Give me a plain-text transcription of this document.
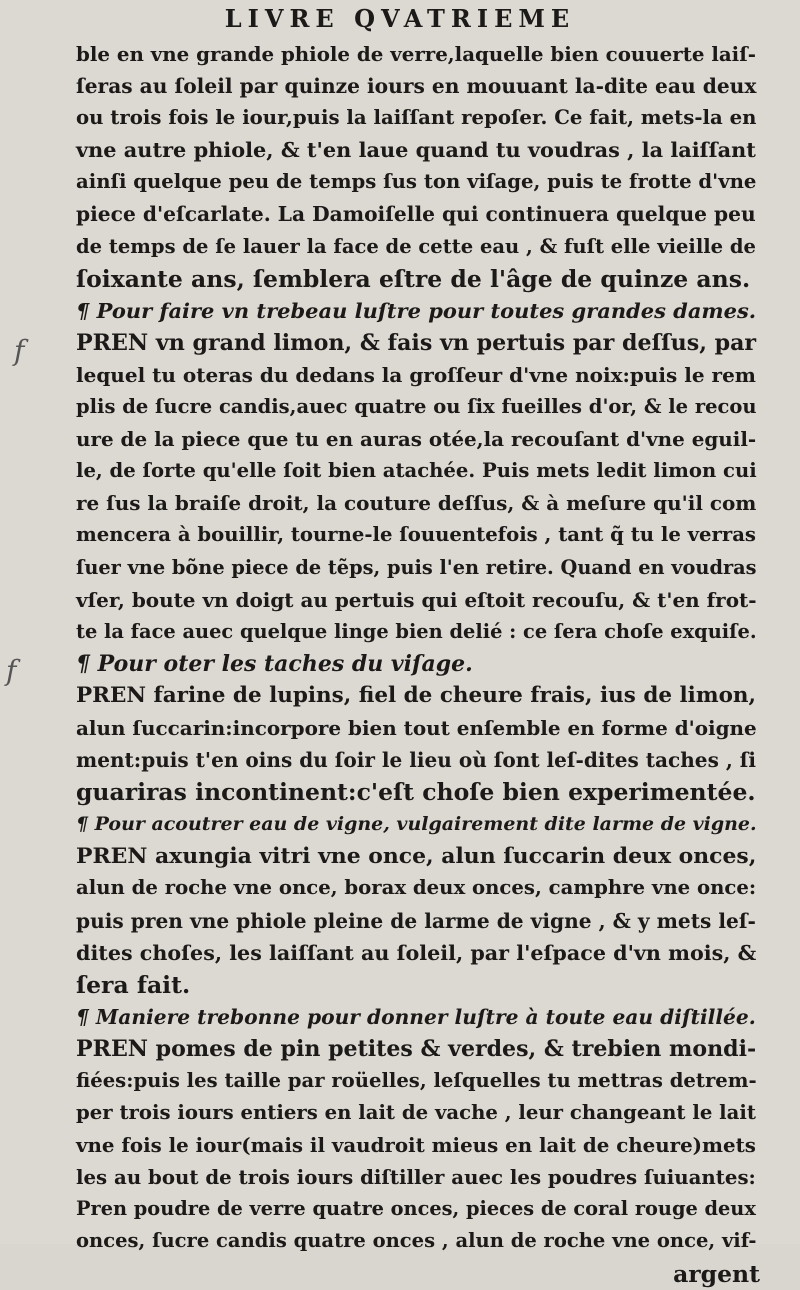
LIVRE QVATRIEME
f
f
ble en vne grande phiole de verre,laquelle bien couuerte laiſ-
ſeras au ſoleil par quinze iours en mouuant la-dite eau deux
ou trois fois le iour,puis la laiſſant repoſer. Ce fait, mets-la en
vne autre phiole, & t'en laue quand tu voudras , la laiſſant
ainſi quelque peu de temps ſus ton viſage, puis te frotte d'vne
piece d'eſcarlate. La Damoiſelle qui continuera quelque peu
de temps de ſe lauer la face de cette eau , & fuſt elle vieille de
ſoixante ans, ſemblera eſtre de l'âge de quinze ans.
¶ Pour faire vn trebeau luſtre pour toutes grandes dames.
PREN vn grand limon, & fais vn pertuis par deſſus, par
lequel tu oteras du dedans la groſſeur d'vne noix:puis le rem
plis de ſucre candis,auec quatre ou ſix fueilles d'or, & le recou
ure de la piece que tu en auras otée,la recouſant d'vne eguil-
le, de ſorte qu'elle ſoit bien atachée. Puis mets ledit limon cui
re ſus la braiſe droit, la couture deſſus, & à meſure qu'il com
mencera à bouillir, tourne-le ſouuentefois , tant q̃ tu le verras
ſuer vne bõne piece de tẽps, puis l'en retire. Quand en voudras
vſer, boute vn doigt au pertuis qui eſtoit recouſu, & t'en frot-
te la face auec quelque linge bien delié : ce ſera choſe exquiſe.
¶ Pour oter les taches du viſage.
PREN farine de lupins, fiel de cheure frais, ius de limon,
alun ſuccarin:incorpore bien tout enſemble en forme d'oigne
ment:puis t'en oins du ſoir le lieu où ſont leſ-dites taches , ſi
guariras incontinent:c'eſt choſe bien experimentée.
¶ Pour acoutrer eau de vigne, vulgairement dite larme de vigne.
PREN axungia vitri vne once, alun ſuccarin deux onces,
alun de roche vne once, borax deux onces, camphre vne once:
puis pren vne phiole pleine de larme de vigne , & y mets leſ-
dites choſes, les laiſſant au ſoleil, par l'eſpace d'vn mois, &
ſera fait.
¶ Maniere trebonne pour donner luſtre à toute eau diſtillée.
PREN pomes de pin petites & verdes, & trebien mondi-
fiées:puis les taille par roüelles, leſquelles tu mettras detrem-
per trois iours entiers en lait de vache , leur changeant le lait
vne fois le iour(mais il vaudroit mieus en lait de cheure)mets
les au bout de trois iours diſtiller auec les poudres ſuiuantes:
Pren poudre de verre quatre onces, pieces de coral rouge deux
onces, ſucre candis quatre onces , alun de roche vne once, vif-
argent
